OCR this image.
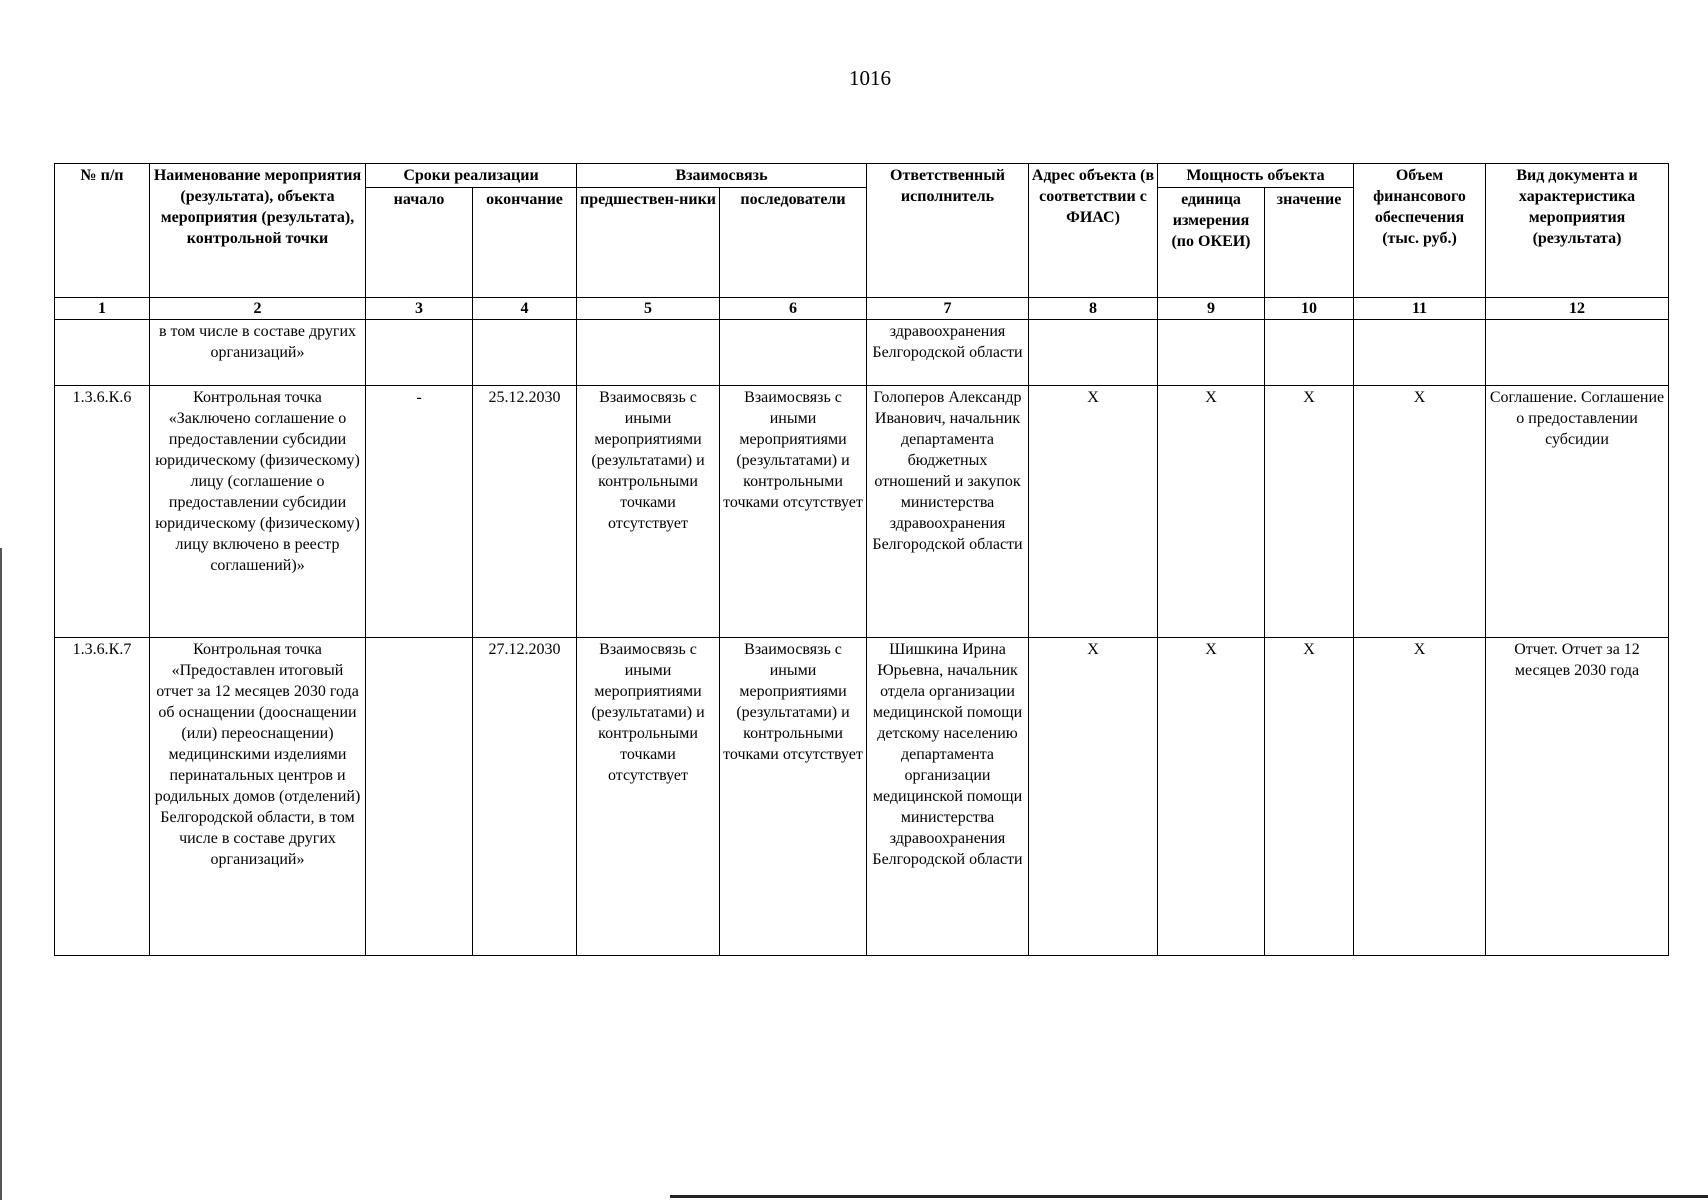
1016
№ п/п	Наименование мероприятия (результата), объекта мероприятия (результата), контрольной точки	Сроки реализации		Взаимосвязь		Ответственный исполнитель	Адрес объекта (в соответствии с ФИАС)	Мощность объекта		Объем финансового обеспечения (тыс. руб.)	Вид документа и характеристика мероприятия (результата)
		начало	окончание	предшествен-ники	последователи			единица измерения (по ОКЕИ)	значение		
1	2	3	4	5	6	7	8	9	10	11	12
	в том числе в составе других организаций»					здравоохранения Белгородской области					
1.3.6.К.6	Контрольная точка «Заключено соглашение о предоставлении субсидии юридическому (физическому) лицу (соглашение о предоставлении субсидии юридическому (физическому) лицу включено в реестр соглашений)»	-	25.12.2030	Взаимосвязь с иными мероприятиями (результатами) и контрольными точками отсутствует	Взаимосвязь с иными мероприятиями (результатами) и контрольными точками отсутствует	Голоперов Александр Иванович, начальник департамента бюджетных отношений и закупок министерства здравоохранения Белгородской области	X	X	X	X	Соглашение. Соглашение о предоставлении субсидии
1.3.6.К.7	Контрольная точка «Предоставлен итоговый отчет за 12 месяцев 2030 года об оснащении (дооснащении (или) переоснащении) медицинскими изделиями перинатальных центров и родильных домов (отделений) Белгородской области, в том числе в составе других организаций»		27.12.2030	Взаимосвязь с иными мероприятиями (результатами) и контрольными точками отсутствует	Взаимосвязь с иными мероприятиями (результатами) и контрольными точками отсутствует	Шишкина Ирина Юрьевна, начальник отдела организации медицинской помощи детскому населению департамента организации медицинской помощи министерства здравоохранения Белгородской области	X	X	X	X	Отчет. Отчет за 12 месяцев 2030 года
